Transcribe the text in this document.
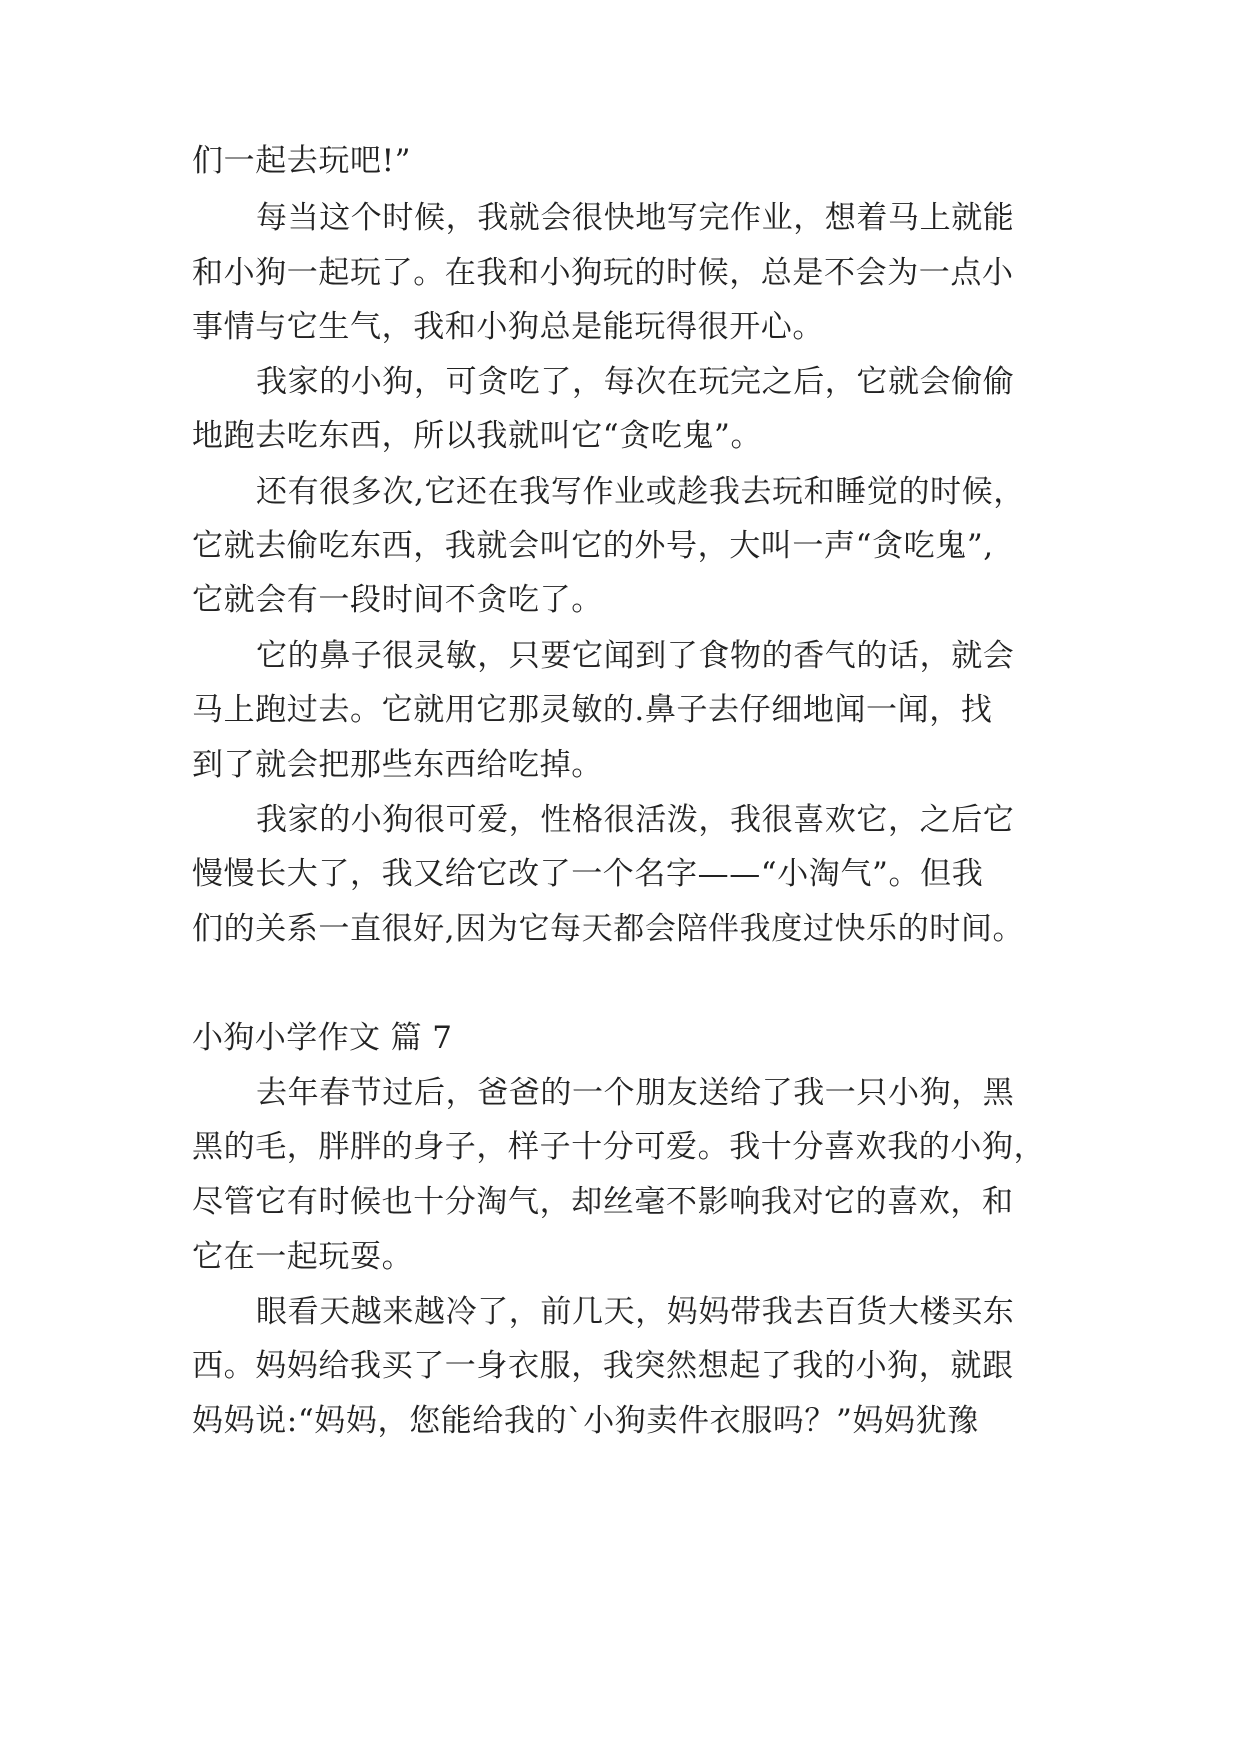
们一起去玩吧!”
每当这个时候，我就会很快地写完作业，想着马上就能
和小狗一起玩了。在我和小狗玩的时候，总是不会为一点小
事情与它生气，我和小狗总是能玩得很开心。
我家的小狗，可贪吃了，每次在玩完之后，它就会偷偷
地跑去吃东西，所以我就叫它“贪吃鬼”。
还有很多次,它还在我写作业或趁我去玩和睡觉的时候，
它就去偷吃东西，我就会叫它的外号，大叫一声“贪吃鬼”,
它就会有一段时间不贪吃了。
它的鼻子很灵敏，只要它闻到了食物的香气的话，就会
马上跑过去。它就用它那灵敏的.鼻子去仔细地闻一闻，找
到了就会把那些东西给吃掉。
我家的小狗很可爱，性格很活泼，我很喜欢它，之后它
慢慢长大了，我又给它改了一个名字——“小淘气”。但我
们的关系一直很好,因为它每天都会陪伴我度过快乐的时间。
小狗小学作文 篇 7
去年春节过后，爸爸的一个朋友送给了我一只小狗，黑
黑的毛，胖胖的身子，样子十分可爱。我十分喜欢我的小狗，
尽管它有时候也十分淘气，却丝毫不影响我对它的喜欢，和
它在一起玩耍。
眼看天越来越冷了，前几天，妈妈带我去百货大楼买东
西。妈妈给我买了一身衣服，我突然想起了我的小狗，就跟
妈妈说:“妈妈，您能给我的`小狗卖件衣服吗？”妈妈犹豫
